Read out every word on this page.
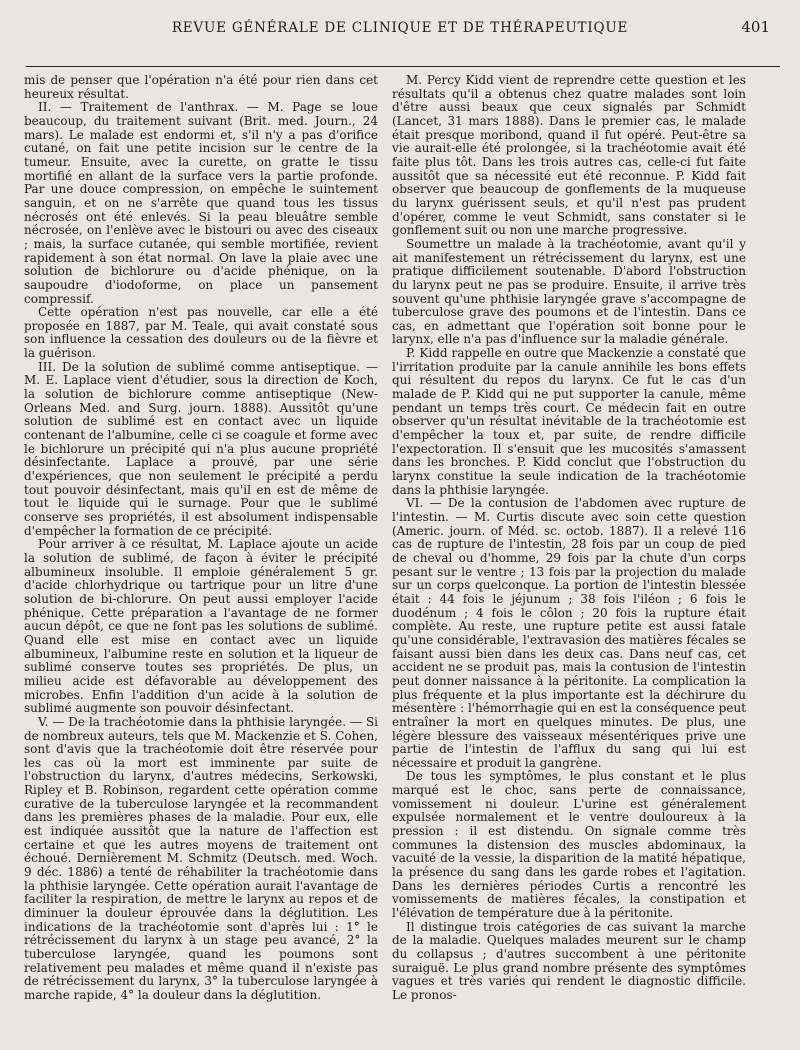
REVUE GÉNÉRALE DE CLINIQUE ET DE THÉRAPEUTIQUE	401

mis de penser que l'opération n'a été pour rien dans cet heureux résultat.

II. — Traitement de l'anthrax. — M. Page se loue beaucoup, du traitement suivant (Brit. med. Journ., 24 mars). Le malade est endormi et, s'il n'y a pas d'orifice cutané, on fait une petite incision sur le centre de la tumeur. Ensuite, avec la curette, on gratte le tissu mortifié en allant de la surface vers la partie profonde. Par une douce compression, on empêche le suintement sanguin, et on ne s'arrête que quand tous les tissus nécrosés ont été enlevés. Si la peau bleuâtre semble nécrosée, on l'enlève avec le bistouri ou avec des ciseaux ; mais, la surface cutanée, qui semble mortifiée, revient rapidement à son état normal. On lave la plaie avec une solution de bichlorure ou d'acide phénique, on la saupoudre d'iodoforme, on place un pansement compressif.

Cette opération n'est pas nouvelle, car elle a été proposée en 1887, par M. Teale, qui avait constaté sous son influence la cessation des douleurs ou de la fièvre et la guérison.

III. De la solution de sublimé comme antiseptique. — M. E. Laplace vient d'étudier, sous la direction de Koch, la solution de bichlorure comme antiseptique (New-Orleans Med. and Surg. journ. 1888). Aussitôt qu'une solution de sublimé est en contact avec un liquide contenant de l'albumine, celle ci se coagule et forme avec le bichlorure un précipité qui n'a plus aucune propriété désinfectante. Laplace a prouvé, par une série d'expériences, que non seulement le précipité a perdu tout pouvoir désinfectant, mais qu'il en est de même de tout le liquide qui le surnage. Pour que le sublimé conserve ses propriétés, il est absolument indispensable d'empêcher la formation de ce précipité.

Pour arriver à ce résultat, M. Laplace ajoute un acide la solution de sublimé, de façon à éviter le précipité albumineux insoluble. Il emploie généralement 5 gr. d'acide chlorhydrique ou tartrique pour un litre d'une solution de bi-chlorure. On peut aussi employer l'acide phénique. Cette préparation a l'avantage de ne former aucun dépôt, ce que ne font pas les solutions de sublimé. Quand elle est mise en contact avec un liquide albumineux, l'albumine reste en solution et la liqueur de sublimé conserve toutes ses propriétés. De plus, un milieu acide est défavorable au développement des microbes. Enfin l'addition d'un acide à la solution de sublimé augmente son pouvoir désinfectant.

V. — De la trachéotomie dans la phthisie laryngée. — Si de nombreux auteurs, tels que M. Mackenzie et S. Cohen, sont d'avis que la trachéotomie doit être réservée pour les cas où la mort est imminente par suite de l'obstruction du larynx, d'autres médecins, Serkowski, Ripley et B. Robinson, regardent cette opération comme curative de la tuberculose laryngée et la recommandent dans les premières phases de la maladie. Pour eux, elle est indiquée aussitôt que la nature de l'affection est certaine et que les autres moyens de traitement ont échoué. Dernièrement M. Schmitz (Deutsch. med. Woch. 9 déc. 1886) a tenté de réhabiliter la trachéotomie dans la phthisie laryngée. Cette opération aurait l'avantage de faciliter la respiration, de mettre le larynx au repos et de diminuer la douleur éprouvée dans la déglutition. Les indications de la trachéotomie sont d'après lui : 1° le rétrécissement du larynx à un stage peu avancé, 2° la tuberculose laryngée, quand les poumons sont relativement peu malades et même quand il n'existe pas de rétrécissement du larynx, 3° la tuberculose laryngée à marche rapide, 4° la douleur dans la déglutition.

M. Percy Kidd vient de reprendre cette question et les résultats qu'il a obtenus chez quatre malades sont loin d'être aussi beaux que ceux signalés par Schmidt (Lancet, 31 mars 1888). Dans le premier cas, le malade était presque moribond, quand il fut opéré. Peut-être sa vie aurait-elle été prolongée, si la trachéotomie avait été faite plus tôt. Dans les trois autres cas, celle-ci fut faite aussitôt que sa nécessité eut été reconnue. P. Kidd fait observer que beaucoup de gonflements de la muqueuse du larynx guérissent seuls, et qu'il n'est pas prudent d'opérer, comme le veut Schmidt, sans constater si le gonflement suit ou non une marche progressive.

Soumettre un malade à la trachéotomie, avant qu'il y ait manifestement un rétrécissement du larynx, est une pratique difficilement soutenable. D'abord l'obstruction du larynx peut ne pas se produire. Ensuite, il arrive très souvent qu'une phthisie laryngée grave s'accompagne de tuberculose grave des poumons et de l'intestin. Dans ce cas, en admettant que l'opération soit bonne pour le larynx, elle n'a pas d'influence sur la maladie générale.

P. Kidd rappelle en outre que Mackenzie a constaté que l'irritation produite par la canule annihile les bons effets qui résultent du repos du larynx. Ce fut le cas d'un malade de P. Kidd qui ne put supporter la canule, même pendant un temps très court. Ce médecin fait en outre observer qu'un résultat inévitable de la trachéotomie est d'empêcher la toux et, par suite, de rendre difficile l'expectoration. Il s'ensuit que les mucosités s'amassent dans les bronches. P. Kidd conclut que l'obstruction du larynx constitue la seule indication de la trachéotomie dans la phthisie laryngée.

VI. — De la contusion de l'abdomen avec rupture de l'intestin. — M. Curtis discute avec soin cette question (Americ. journ. of Méd. sc. octob. 1887). Il a relevé 116 cas de rupture de l'intestin, 28 fois par un coup de pied de cheval ou d'homme, 29 fois par la chute d'un corps pesant sur le ventre ; 13 fois par la projection du malade sur un corps quelconque. La portion de l'intestin blessée était : 44 fois le jéjunum ; 38 fois l'iléon ; 6 fois le duodénum ; 4 fois le côlon ; 20 fois la rupture était complète. Au reste, une rupture petite est aussi fatale qu'une considérable, l'extravasion des matières fécales se faisant aussi bien dans les deux cas. Dans neuf cas, cet accident ne se produit pas, mais la contusion de l'intestin peut donner naissance à la péritonite. La complication la plus fréquente et la plus importante est la déchirure du mésentère : l'hémorrhagie qui en est la conséquence peut entraîner la mort en quelques minutes. De plus, une légère blessure des vaisseaux mésentériques prive une partie de l'intestin de l'afflux du sang qui lui est nécessaire et produit la gangrène.

De tous les symptômes, le plus constant et le plus marqué est le choc, sans perte de connaissance, vomissement ni douleur. L'urine est généralement expulsée normalement et le ventre douloureux à la pression : il est distendu. On signale comme très communes la distension des muscles abdominaux, la vacuité de la vessie, la disparition de la matité hépatique, la présence du sang dans les garde robes et l'agitation. Dans les dernières périodes Curtis a rencontré les vomissements de matières fécales, la constipation et l'élévation de température due à la péritonite.

Il distingue trois catégories de cas suivant la marche de la maladie. Quelques malades meurent sur le champ du collapsus ; d'autres succombent à une péritonite suraiguë. Le plus grand nombre présente des symptômes vagues et très variés qui rendent le diagnostic difficile. Le pronos-
